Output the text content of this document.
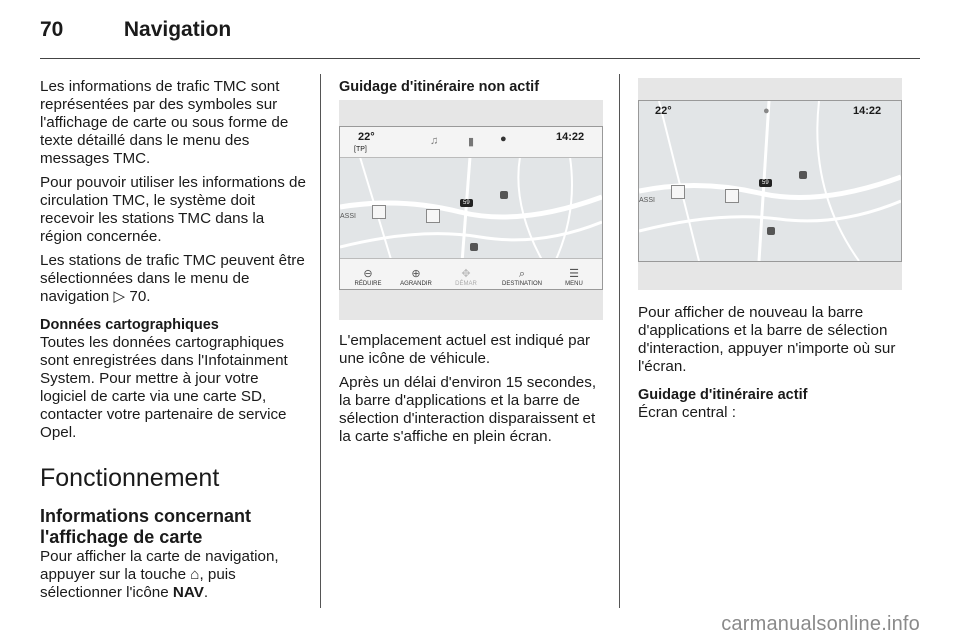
70	Navigation

Les informations de trafic TMC sont représentées par des symboles sur l'affichage de carte ou sous forme de texte détaillé dans le menu des messages TMC.

Pour pouvoir utiliser les informations de circulation TMC, le système doit recevoir les stations TMC dans la région concernée.

Les stations de trafic TMC peuvent être sélectionnées dans le menu de navigation ▷ 70.

Données cartographiques

Toutes les données cartographiques sont enregistrées dans l'Infotainment System. Pour mettre à jour votre logiciel de carte via une carte SD, contacter votre partenaire de service Opel.

Fonctionnement
Informations concernant l'affichage de carte

Pour afficher la carte de navigation, appuyer sur la touche ⌂, puis sélectionner l'icône NAV.

Guidage d'itinéraire non actif

22°
[TP]
♫	▮ ●	14:22
ASSI
59
⊖
RÉDUIRE
⊕
AGRANDIR
✥
DÉMAR
⌕
DESTINATION
☰
MENU

L'emplacement actuel est indiqué par une icône de véhicule.

Après un délai d'environ 15 secondes, la barre d'applications et la barre de sélection d'interaction disparaissent et la carte s'affiche en plein écran.

22°	●	14:22
ASSI
59

Pour afficher de nouveau la barre d'applications et la barre de sélection d'interaction, appuyer n'importe où sur l'écran.

Guidage d'itinéraire actif

Écran central :

carmanualsonline.info
